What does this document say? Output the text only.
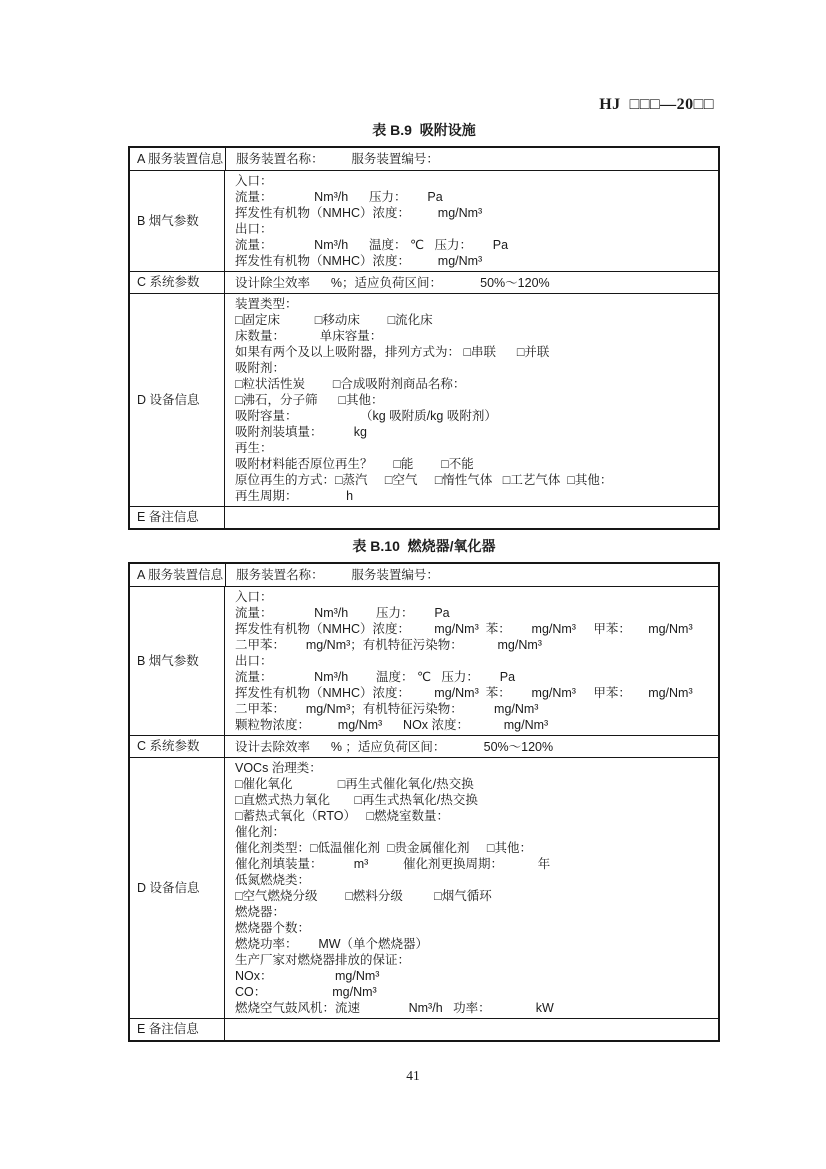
HJ  □□□—20□□
表 B.9  吸附设施
A 服务装置信息 服务装置名称：        服务装置编号：
B 烟气参数
入口：
流量：            Nm³/h      压力：      Pa
挥发性有机物（NMHC）浓度：        mg/Nm³
出口：
流量：            Nm³/h      温度： ℃   压力：      Pa
挥发性有机物（NMHC）浓度：        mg/Nm³
C 系统参数	设计除尘效率      %；适应负荷区间：           50%～120%
D 设备信息
装置类型：
□固定床          □移动床        □流化床
床数量：          单床容量：
如果有两个及以上吸附器，排列方式为： □串联      □并联
吸附剂：
□粒状活性炭        □合成吸附剂商品名称：
□沸石，分子筛      □其他：
吸附容量：                  （kg 吸附质/kg 吸附剂）
吸附剂装填量：         kg
再生：
吸附材料能否原位再生？      □能        □不能
原位再生的方式：□蒸汽     □空气     □惰性气体   □工艺气体  □其他：
再生周期：              h
E 备注信息
表 B.10  燃烧器/氧化器
A 服务装置信息 服务装置名称：        服务装置编号：
B 烟气参数
入口：
流量：            Nm³/h        压力：      Pa
挥发性有机物（NMHC）浓度：       mg/Nm³  苯：      mg/Nm³     甲苯：     mg/Nm³
二甲苯：      mg/Nm³；有机特征污染物：          mg/Nm³
出口：
流量：            Nm³/h        温度： ℃   压力：      Pa
挥发性有机物（NMHC）浓度：       mg/Nm³  苯：      mg/Nm³     甲苯：     mg/Nm³
二甲苯：      mg/Nm³；有机特征污染物：         mg/Nm³
颗粒物浓度：        mg/Nm³      NOx 浓度：          mg/Nm³
C 系统参数	设计去除效率      % ；适应负荷区间：           50%～120%
D 设备信息
VOCs 治理类：
□催化氧化             □再生式催化氧化/热交换
□直燃式热力氧化       □再生式热氧化/热交换
□蓄热式氧化（RTO）   □燃烧室数量：
催化剂：
催化剂类型：□低温催化剂  □贵金属催化剂     □其他：
催化剂填装量：         m³          催化剂更换周期：          年
低氮燃烧类：
□空气燃烧分级        □燃料分级         □烟气循环
燃烧器：
燃烧器个数：
燃烧功率：      MW（单个燃烧器）
生产厂家对燃烧器排放的保证：
NOx：                  mg/Nm³
CO：                   mg/Nm³
燃烧空气鼓风机：流速              Nm³/h   功率：             kW
E 备注信息
41
